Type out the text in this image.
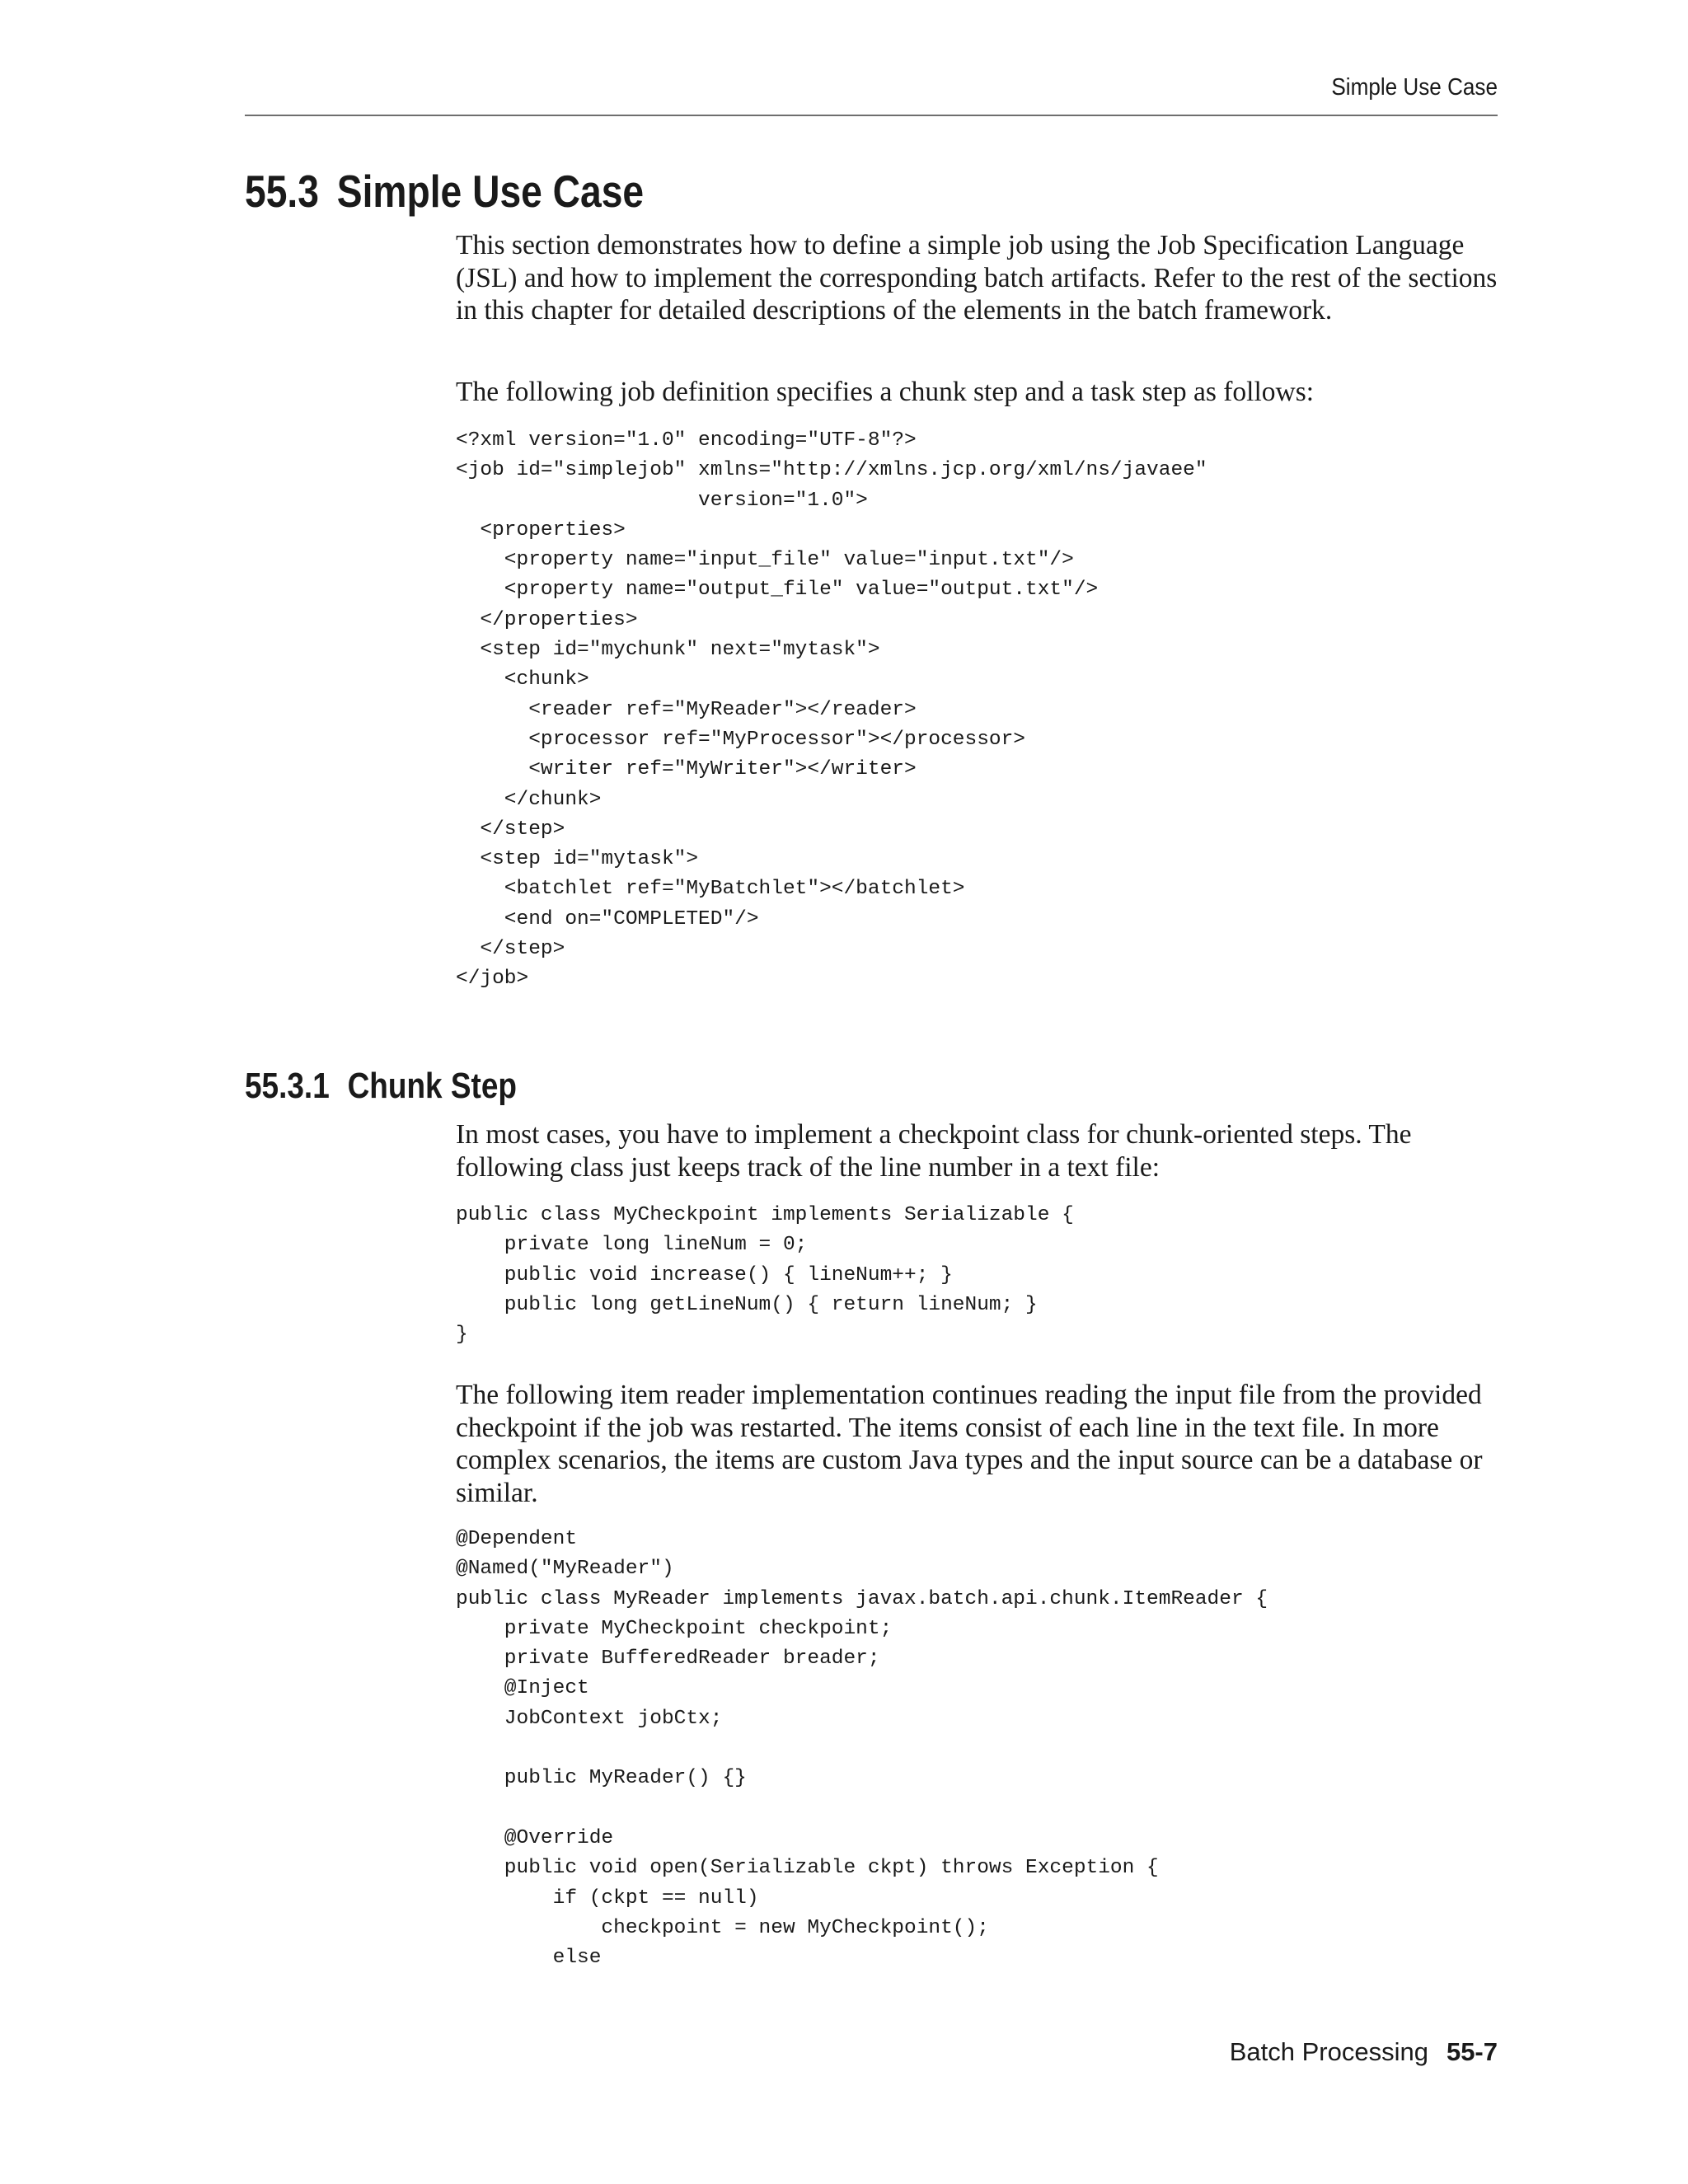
Simple Use Case
55.3 Simple Use Case

This section demonstrates how to define a simple job using the Job Specification Language (JSL) and how to implement the corresponding batch artifacts. Refer to the rest of the sections in this chapter for detailed descriptions of the elements in the batch framework.

The following job definition specifies a chunk step and a task step as follows:

<?xml version="1.0" encoding="UTF-8"?>
<job id="simplejob" xmlns="http://xmlns.jcp.org/xml/ns/javaee"
version="1.0">
<properties>
<property name="input_file" value="input.txt"/>
<property name="output_file" value="output.txt"/>
</properties>
<step id="mychunk" next="mytask">
<chunk>
<reader ref="MyReader"></reader>
<processor ref="MyProcessor"></processor>
<writer ref="MyWriter"></writer>
</chunk>
</step>
<step id="mytask">
<batchlet ref="MyBatchlet"></batchlet>
<end on="COMPLETED"/>
</step>
</job>
55.3.1 Chunk Step

In most cases, you have to implement a checkpoint class for chunk-oriented steps. The following class just keeps track of the line number in a text file:

public class MyCheckpoint implements Serializable {
private long lineNum = 0;
public void increase() { lineNum++; }
public long getLineNum() { return lineNum; }
}

The following item reader implementation continues reading the input file from the provided checkpoint if the job was restarted. The items consist of each line in the text file. In more complex scenarios, the items are custom Java types and the input source can be a database or similar.

@Dependent
@Named("MyReader")
public class MyReader implements javax.batch.api.chunk.ItemReader {
private MyCheckpoint checkpoint;
private BufferedReader breader;
@Inject
JobContext jobCtx;

public MyReader() {}

@Override
public void open(Serializable ckpt) throws Exception {
if (ckpt == null)
checkpoint = new MyCheckpoint();
else
Batch Processing 55-7
